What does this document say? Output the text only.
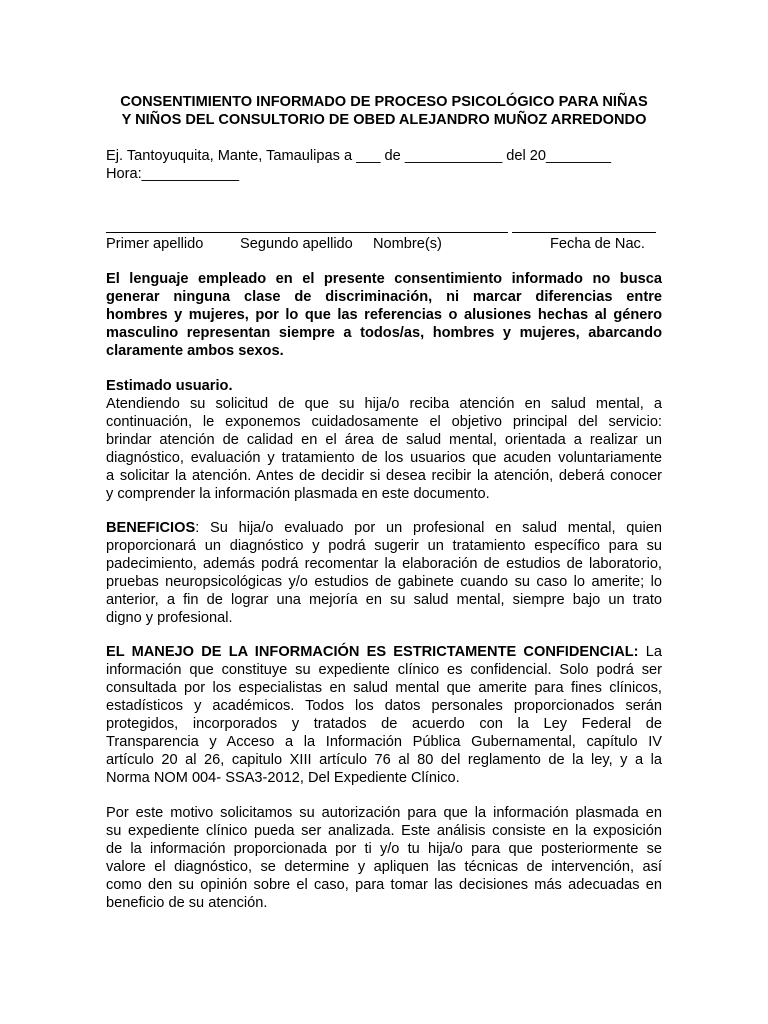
CONSENTIMIENTO INFORMADO DE PROCESO PSICOLÓGICO PARA NIÑAS
Y NIÑOS DEL CONSULTORIO DE OBED ALEJANDRO MUÑOZ ARREDONDO
Ej. Tantoyuquita, Mante, Tamaulipas a ___ de ____________ del 20________
Hora:____________
Primer apellido	Segundo apellido Nombre(s)	Fecha de Nac.
El lenguaje empleado en el presente consentimiento informado no busca
generar ninguna clase de discriminación, ni marcar diferencias entre
hombres y mujeres, por lo que las referencias o alusiones hechas al género
masculino representan siempre a todos/as, hombres y mujeres, abarcando
claramente ambos sexos.
Estimado usuario.
Atendiendo su solicitud de que su hija/o reciba atención en salud mental, a
continuación, le exponemos cuidadosamente el objetivo principal del servicio:
brindar atención de calidad en el área de salud mental, orientada a realizar un
diagnóstico, evaluación y tratamiento de los usuarios que acuden voluntariamente
a solicitar la atención. Antes de decidir si desea recibir la atención, deberá conocer
y comprender la información plasmada en este documento.
BENEFICIOS: Su hija/o evaluado por un profesional en salud mental, quien
proporcionará un diagnóstico y podrá sugerir un tratamiento específico para su
padecimiento, además podrá recomentar la elaboración de estudios de laboratorio,
pruebas neuropsicológicas y/o estudios de gabinete cuando su caso lo amerite; lo
anterior, a fin de lograr una mejoría en su salud mental, siempre bajo un trato
digno y profesional.
EL MANEJO DE LA INFORMACIÓN ES ESTRICTAMENTE CONFIDENCIAL: La
información que constituye su expediente clínico es confidencial. Solo podrá ser
consultada por los especialistas en salud mental que amerite para fines clínicos,
estadísticos y académicos. Todos los datos personales proporcionados serán
protegidos, incorporados y tratados de acuerdo con la Ley Federal de
Transparencia y Acceso a la Información Pública Gubernamental, capítulo IV
artículo 20 al 26, capitulo XIII artículo 76 al 80 del reglamento de la ley, y a la
Norma NOM 004- SSA3-2012, Del Expediente Clínico.
Por este motivo solicitamos su autorización para que la información plasmada en
su expediente clínico pueda ser analizada. Este análisis consiste en la exposición
de la información proporcionada por ti y/o tu hija/o para que posteriormente se
valore el diagnóstico, se determine y apliquen las técnicas de intervención, así
como den su opinión sobre el caso, para tomar las decisiones más adecuadas en
beneficio de su atención.
